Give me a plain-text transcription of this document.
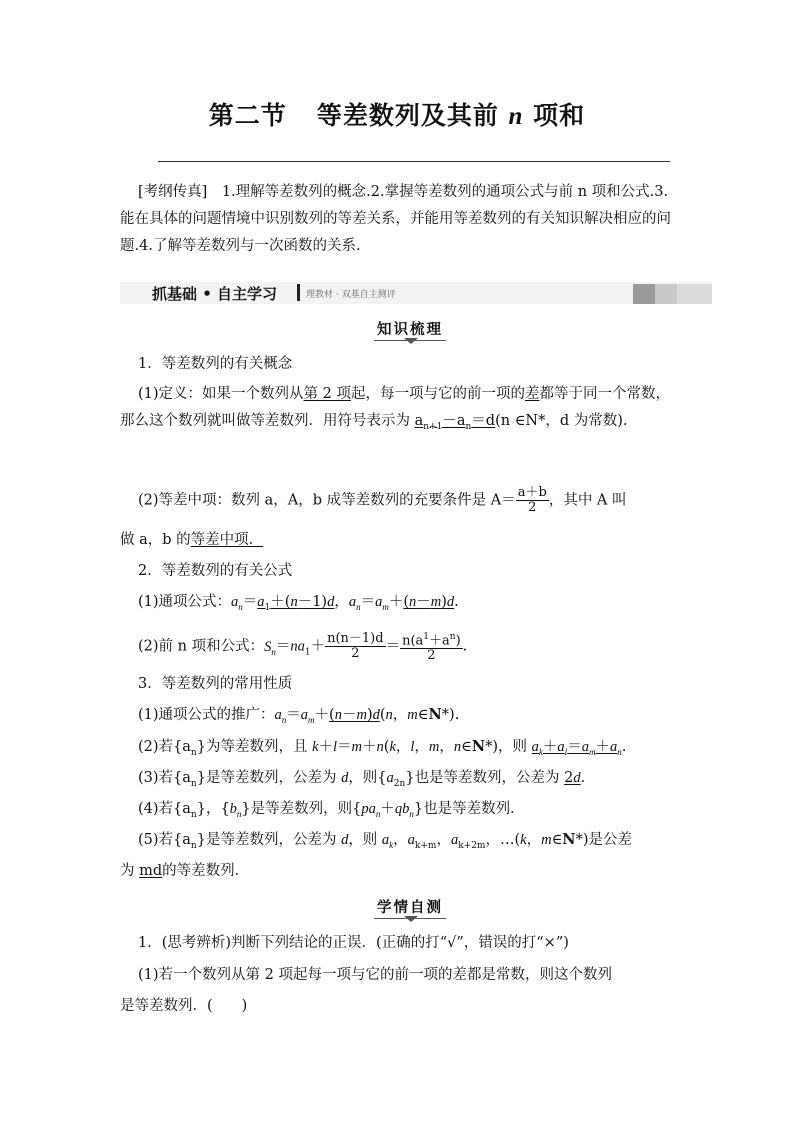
第二节 等差数列及其前 n 项和
[考纲传真]　 1.理解等差数列的概念.2.掌握等差数列的通项公式与前 n 项和公式.3.能在具体的问题情境中识别数列的等差关系，并能用等差数列的有关知识解决相应的问题.4.了解等差数列与一次函数的关系.
抓基础 • 自主学习	理教材 · 双基自主测评
知识梳理
1．等差数列的有关概念
(1)定义：如果一个数列从第 2 项起，每一项与它的前一项的差都等于同一个常数，那么这个数列就叫做等差数列．用符号表示为 $a_{n+1}-a_n=d(n$ ∈N*，d 为常数).
(2)等差中项：数列 a，A，b 成等差数列的充要条件是 $A= \frac{a+b}{2}$ ，其中 A 叫
做 a，b 的等差中项．
2．等差数列的有关公式
(1)通项公式：$a_n=a_1+(n-1)d$，$a_n=a_m+(n-m)d$.
(2)前 n 项和公式：$S_n=na_1+ \frac{n(n-1)d}{2} = \frac{n(a^1+a^n)}{2}$ .
3．等差数列的常用性质
(1)通项公式的推广：$a_n=a_m+(n-m)d(n$，m∈N*).
(2)若$\{a_n\}$为等差数列，且 k＋l＝m＋n(k，l，m，n∈N*)，则 $a_k+a_l=a_m+a_n$.
(3)若$\{a_n\}$是等差数列，公差为 d，则$\{a_{2n}\}$也是等差数列，公差为 2d.
(4)若$\{a_n\}$，$\{b_n\}$是等差数列，则$\{pa_n+qb_n\}$也是等差数列．
(5)若$\{a_n\}$是等差数列，公差为 d，则 $a_k$，$a_{k+m}$，$a_{k+2m}$，…(k，m∈N*)是公差
为 md的等差数列．
学情自测
1．(思考辨析)判断下列结论的正误．(正确的打“√”，错误的打“×”)
(1)若一个数列从第 2 项起每一项与它的前一项的差都是常数，则这个数列
是等差数列．(　　)
